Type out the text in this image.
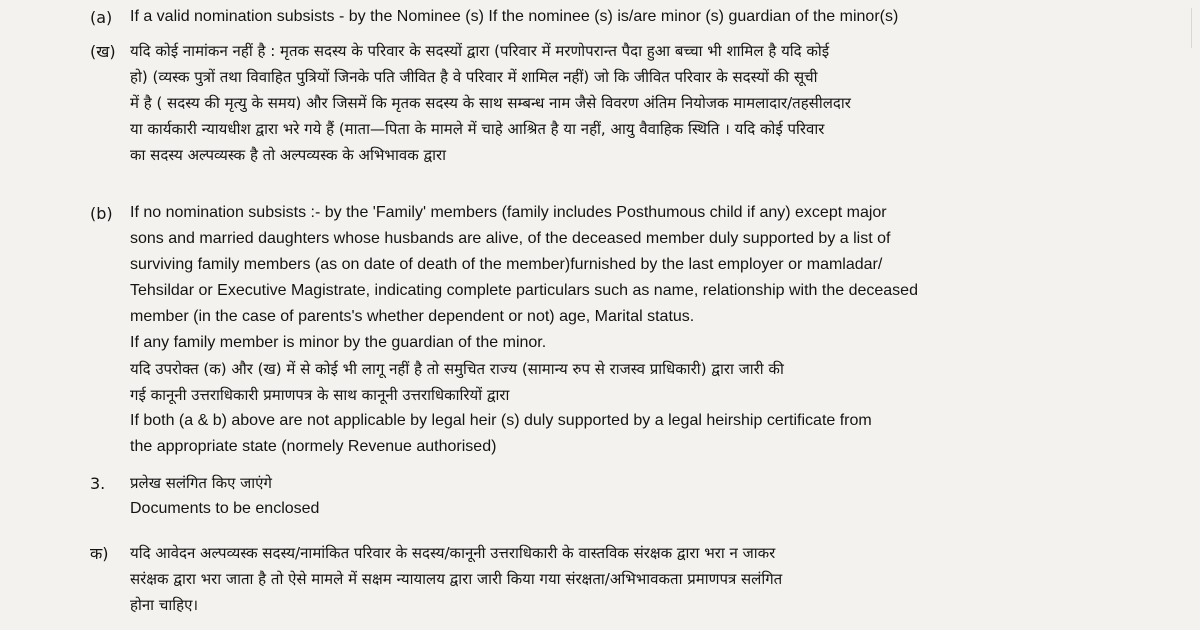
(a)	If a valid nomination subsists - by the Nominee (s) If the nominee (s) is/are minor (s) guardian of the minor(s)
(ख) यदि कोई नामांकन नहीं है : मृतक सदस्य के परिवार के सदस्यों द्वारा (परिवार में मरणोपरान्त पैदा हुआ बच्चा भी शामिल है यदि कोई
हो) (व्यस्क पुत्रों तथा विवाहित पुत्रियों जिनके पति जीवित है वे परिवार में शामिल नहीं) जो कि जीवित परिवार के सदस्यों की सूची
में है ( सदस्य की मृत्यु के समय) और जिसमें कि मृतक सदस्य के साथ सम्बन्ध नाम जैसे विवरण अंतिम नियोजक मामलादार/तहसीलदार
या कार्यकारी न्यायधीश द्वारा भरे गये हैं (माता—पिता के मामले में चाहे आश्रित है या नहीं, आयु वैवाहिक स्थिति । यदि कोई परिवार
का सदस्य अल्पव्यस्क है तो अल्पव्यस्क के अभिभावक द्वारा
(b)	If no nomination subsists :- by the 'Family' members (family includes Posthumous child if any) except major
sons and married daughters whose husbands are alive, of the deceased member duly supported by a list of
surviving family members (as on date of death of the member)furnished by the last employer or mamladar/
Tehsildar or Executive Magistrate, indicating complete particulars such as name, relationship with the deceased
member (in the case of parents's whether dependent or not) age, Marital status.
If any family member is minor by the guardian of the minor.
यदि उपरोक्त (क) और (ख) में से कोई भी लागू नहीं है तो समुचित राज्य (सामान्य रुप से राजस्व प्राधिकारी) द्वारा जारी की
गई कानूनी उत्तराधिकारी प्रमाणपत्र के साथ कानूनी उत्तराधिकारियों द्वारा
If both (a & b) above are not applicable by legal heir (s) duly supported by a legal heirship certificate from
the appropriate state (normely Revenue authorised)
3.	प्रलेख सलंगित किए जाएंगे
Documents to be enclosed
क)	यदि आवेदन अल्पव्यस्क सदस्य/नामांकित परिवार के सदस्य/कानूनी उत्तराधिकारी के वास्तविक संरक्षक द्वारा भरा न जाकर
सरंक्षक द्वारा भरा जाता है तो ऐसे मामले में सक्षम न्यायालय द्वारा जारी किया गया संरक्षता/अभिभावकता प्रमाणपत्र सलंगित
होना चाहिए।
